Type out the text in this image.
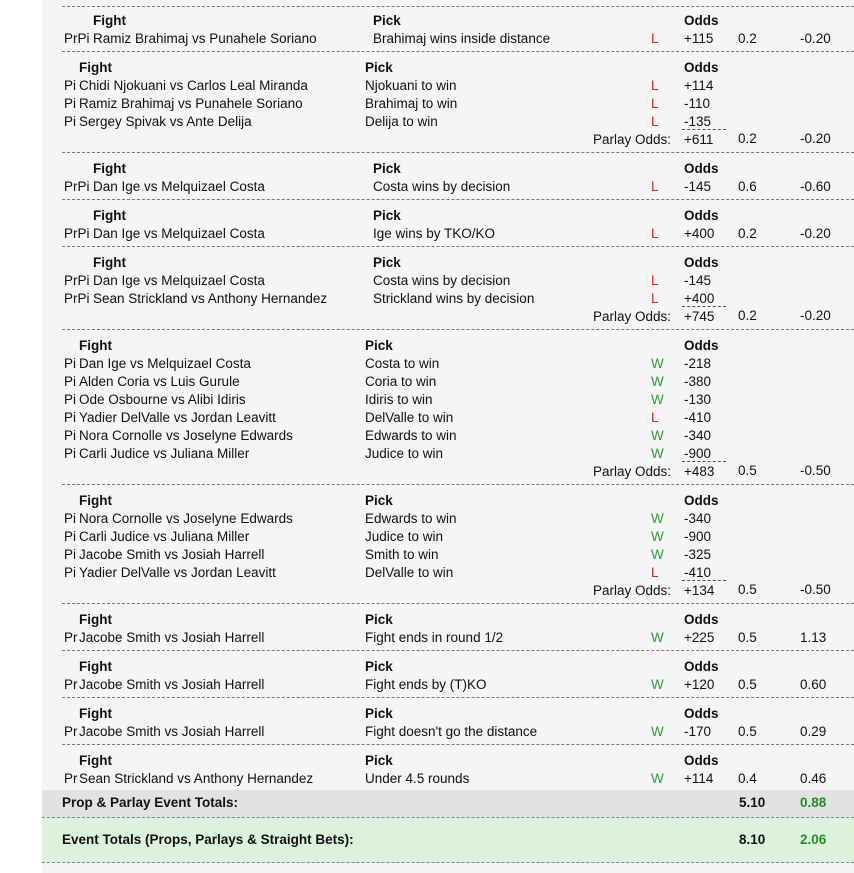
Fight	Pick	Odds
PrPi Ramiz Brahimaj vs Punahele Soriano	Brahimaj wins inside distance	L +115 0.2	-0.20
Fight	Pick	Odds
Pi Chidi Njokuani vs Carlos Leal Miranda	Njokuani to win	L +114
Pi Ramiz Brahimaj vs Punahele Soriano	Brahimaj to win	L -110
Pi Sergey Spivak vs Ante Delija	Delija to win	L -135
Parlay Odds: +611 0.2	-0.20
Fight	Pick	Odds
PrPi Dan Ige vs Melquizael Costa	Costa wins by decision	L -145 0.6	-0.60
Fight	Pick	Odds
PrPi Dan Ige vs Melquizael Costa	Ige wins by TKO/KO	L +400 0.2	-0.20
Fight	Pick	Odds
PrPi Dan Ige vs Melquizael Costa	Costa wins by decision	L -145
PrPi Sean Strickland vs Anthony Hernandez	Strickland wins by decision	L +400
Parlay Odds: +745 0.2	-0.20
Fight	Pick	Odds
Pi Dan Ige vs Melquizael Costa	Costa to win	W -218
Pi Alden Coria vs Luis Gurule	Coria to win	W -380
Pi Ode Osbourne vs Alibi Idiris	Idiris to win	W -130
Pi Yadier DelValle vs Jordan Leavitt	DelValle to win	L -410
Pi Nora Cornolle vs Joselyne Edwards	Edwards to win	W -340
Pi Carli Judice vs Juliana Miller	Judice to win	W -900
Parlay Odds: +483 0.5	-0.50
Fight	Pick	Odds
Pi Nora Cornolle vs Joselyne Edwards	Edwards to win	W -340
Pi Carli Judice vs Juliana Miller	Judice to win	W -900
Pi Jacobe Smith vs Josiah Harrell	Smith to win	W -325
Pi Yadier DelValle vs Jordan Leavitt	DelValle to win	L -410
Parlay Odds: +134 0.5	-0.50
Fight	Pick	Odds
Pr Jacobe Smith vs Josiah Harrell	Fight ends in round 1/2	W +225 0.5	1.13
Fight	Pick	Odds
Pr Jacobe Smith vs Josiah Harrell	Fight ends by (T)KO	W +120 0.5	0.60
Fight	Pick	Odds
Pr Jacobe Smith vs Josiah Harrell	Fight doesn't go the distance	W -170 0.5	0.29
Fight	Pick	Odds
Pr Sean Strickland vs Anthony Hernandez	Under 4.5 rounds	W +114 0.4	0.46
Prop & Parlay Event Totals:	5.10	0.88
Event Totals (Props, Parlays & Straight Bets):	8.10	2.06
